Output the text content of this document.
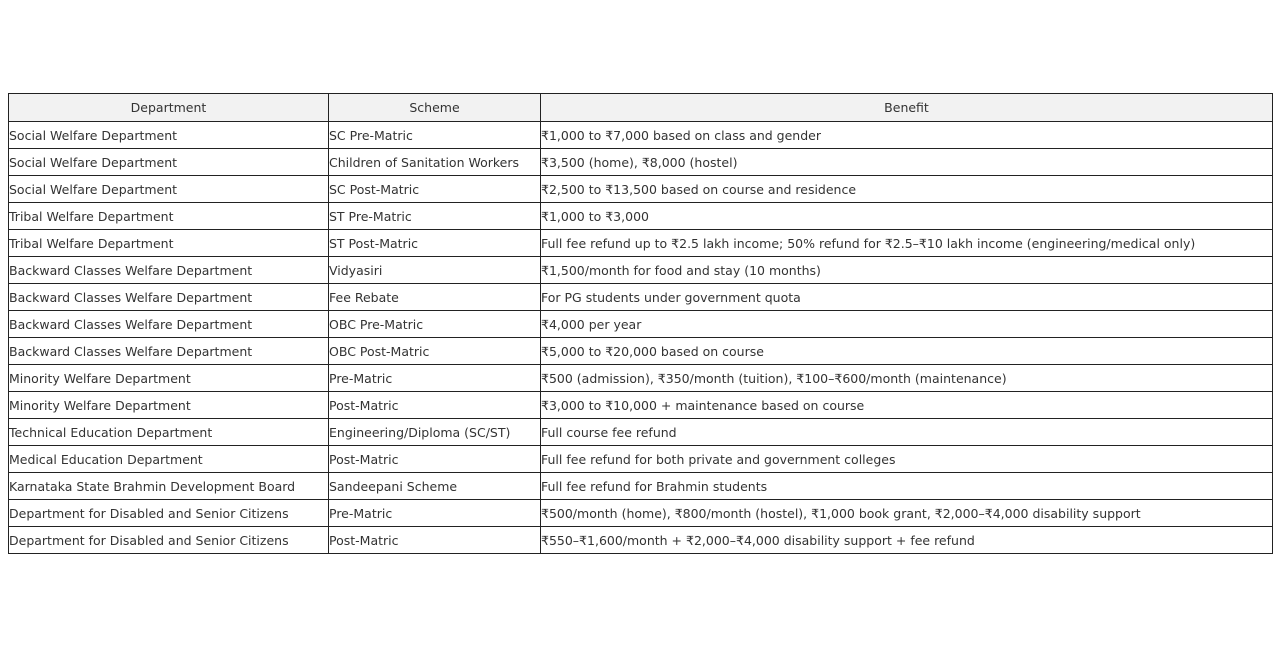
Department	Scheme	Benefit
Social Welfare Department	SC Pre-Matric	₹1,000 to ₹7,000 based on class and gender
Social Welfare Department	Children of Sanitation Workers	₹3,500 (home), ₹8,000 (hostel)
Social Welfare Department	SC Post-Matric	₹2,500 to ₹13,500 based on course and residence
Tribal Welfare Department	ST Pre-Matric	₹1,000 to ₹3,000
Tribal Welfare Department	ST Post-Matric	Full fee refund up to ₹2.5 lakh income; 50% refund for ₹2.5–₹10 lakh income (engineering/medical only)
Backward Classes Welfare Department	Vidyasiri	₹1,500/month for food and stay (10 months)
Backward Classes Welfare Department	Fee Rebate	For PG students under government quota
Backward Classes Welfare Department	OBC Pre-Matric	₹4,000 per year
Backward Classes Welfare Department	OBC Post-Matric	₹5,000 to ₹20,000 based on course
Minority Welfare Department	Pre-Matric	₹500 (admission), ₹350/month (tuition), ₹100–₹600/month (maintenance)
Minority Welfare Department	Post-Matric	₹3,000 to ₹10,000 + maintenance based on course
Technical Education Department	Engineering/Diploma (SC/ST)	Full course fee refund
Medical Education Department	Post-Matric	Full fee refund for both private and government colleges
Karnataka State Brahmin Development Board	Sandeepani Scheme	Full fee refund for Brahmin students
Department for Disabled and Senior Citizens	Pre-Matric	₹500/month (home), ₹800/month (hostel), ₹1,000 book grant, ₹2,000–₹4,000 disability support
Department for Disabled and Senior Citizens	Post-Matric	₹550–₹1,600/month + ₹2,000–₹4,000 disability support + fee refund
